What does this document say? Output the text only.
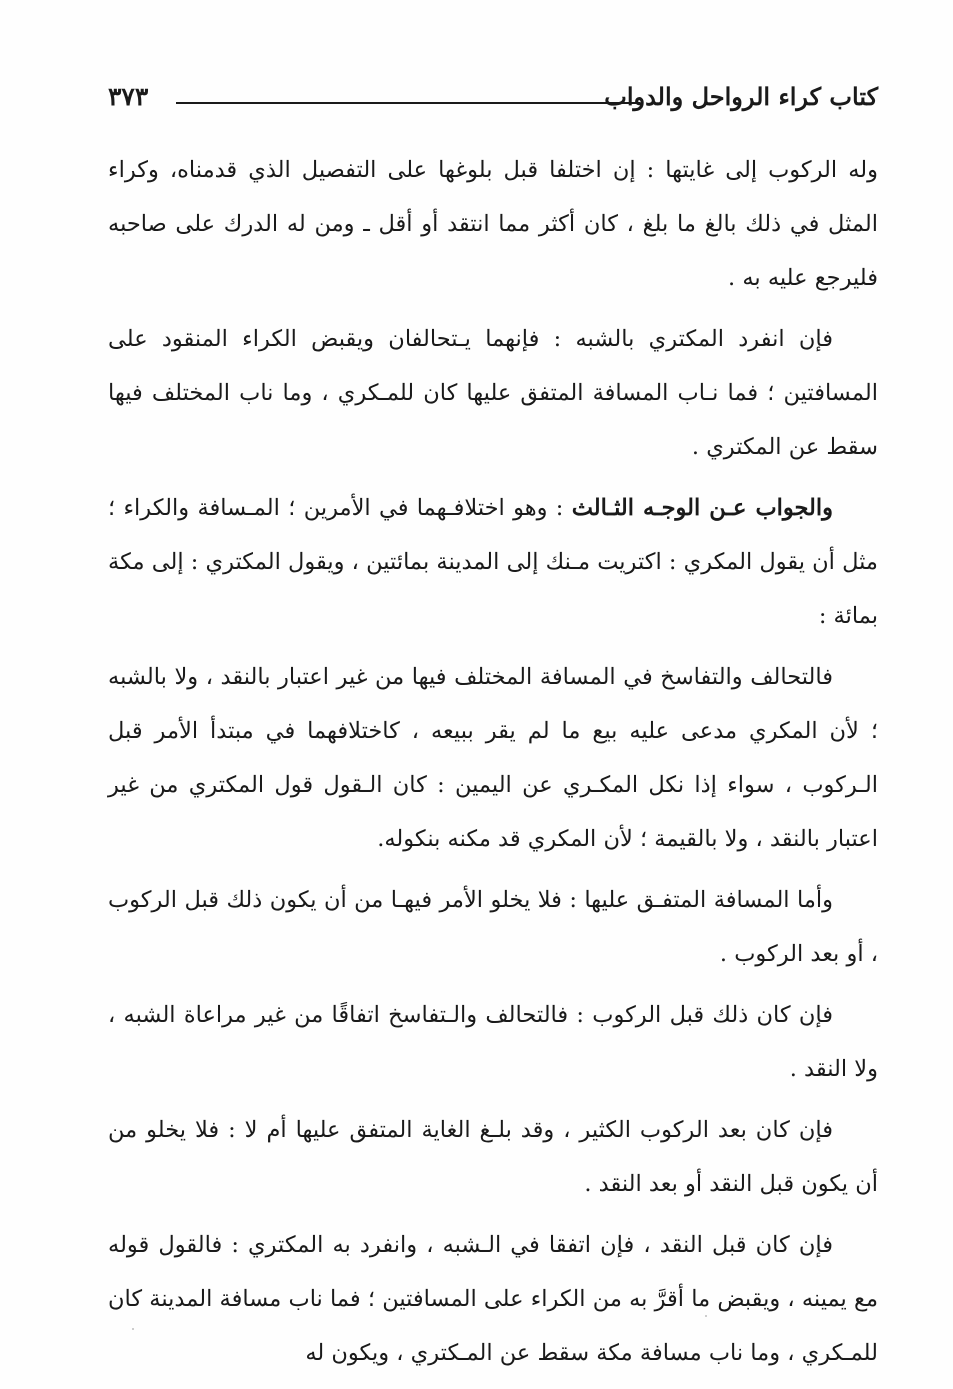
كتاب كراء الرواحل والدواب
٣٧٣

وله الركوب إلى غايتها : إن اختلفا قبل بلوغها على التفصيل الذي قدمناه، وكراء المثل في ذلك بالغ ما بلغ ، كان أكثر مما انتقد أو أقل ـ ومن له الدرك على صاحبه فليرجع عليه به .

فإن انفرد المكتري بالشبه : فإنهما يـتحالفان ويقبض الكراء المنقود على المسافتين ؛ فما نـاب المسافة المتفق عليها كان للمـكري ، وما ناب المختلف فيها سقط عن المكتري .

والجواب عـن الوجـه الثـالث : وهو اختلافـهما في الأمرين ؛ المـسافة والكراء ؛ مثل أن يقول المكري : اكتريت مـنك إلى المدينة بمائتين ، ويقول المكتري : إلى مكة بمائة :

فالتحالف والتفاسخ في المسافة المختلف فيها من غير اعتبار بالنقد ، ولا بالشبه ؛ لأن المكري مدعى عليه بيع ما لم يقر ببيعه ، كاختلافهما في مبتدأ الأمر قبل الـركوب ، سواء إذا نكل المكـري عن اليمين : كان الـقول قول المكتري من غير اعتبار بالنقد ، ولا بالقيمة ؛ لأن المكري قد مكنه بنكوله.

وأما المسافة المتفـق عليها : فلا يخلو الأمر فيهـا من أن يكون ذلك قبل الركوب ، أو بعد الركوب .

فإن كان ذلك قبل الركوب : فالتحالف والـتفاسخ اتفاقًا من غير مراعاة الشبه ، ولا النقد .

فإن كان بعد الركوب الكثير ، وقد بلـغ الغاية المتفق عليها أم لا : فلا يخلو من أن يكون قبل النقد أو بعد النقد .

فإن كان قبل النقد ، فإن اتفقا في الـشبه ، وانفرد به المكتري : فالقول قوله مع يمينه ، ويقبض ما أقرَّ به من الكراء على المسافتين ؛ فما ناب مسافة المدينة كان للمـكري ، وما ناب مسافة مكة سقط عن المـكتري ، ويكون له
